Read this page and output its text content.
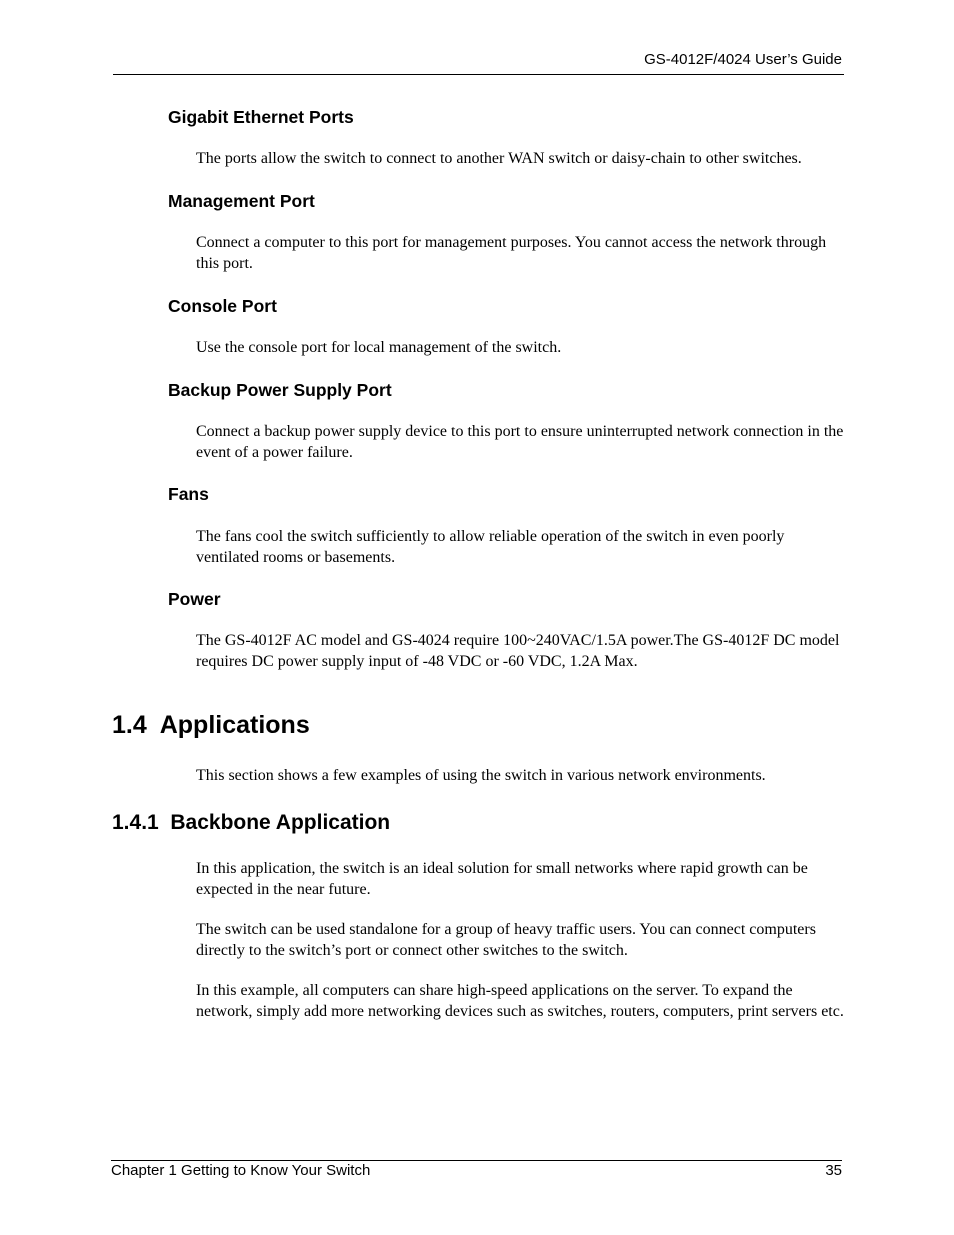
GS-4012F/4024 User’s Guide
Gigabit Ethernet Ports

The ports allow the switch to connect to another WAN switch or daisy-chain to other switches.

Management Port

Connect a computer to this port for management purposes. You cannot access the network through this port.

Console Port

Use the console port for local management of the switch.

Backup Power Supply Port

Connect a backup power supply device to this port to ensure uninterrupted network connection in the event of a power failure.

Fans

The fans cool the switch sufficiently to allow reliable operation of the switch in even poorly ventilated rooms or basements.

Power

The GS-4012F AC model and GS-4024 require 100~240VAC/1.5A power.The GS-4012F DC model requires DC power supply input of -48 VDC or -60 VDC, 1.2A Max.

1.4  Applications

This section shows a few examples of using the switch in various network environments.

1.4.1  Backbone Application

In this application, the switch is an ideal solution for small networks where rapid growth can be expected in the near future.

The switch can be used standalone for a group of heavy traffic users. You can connect computers directly to the switch’s port or connect other switches to the switch.

In this example, all computers can share high-speed applications on the server. To expand the network, simply add more networking devices such as switches, routers, computers, print servers etc.

Chapter 1 Getting to Know Your Switch	35
